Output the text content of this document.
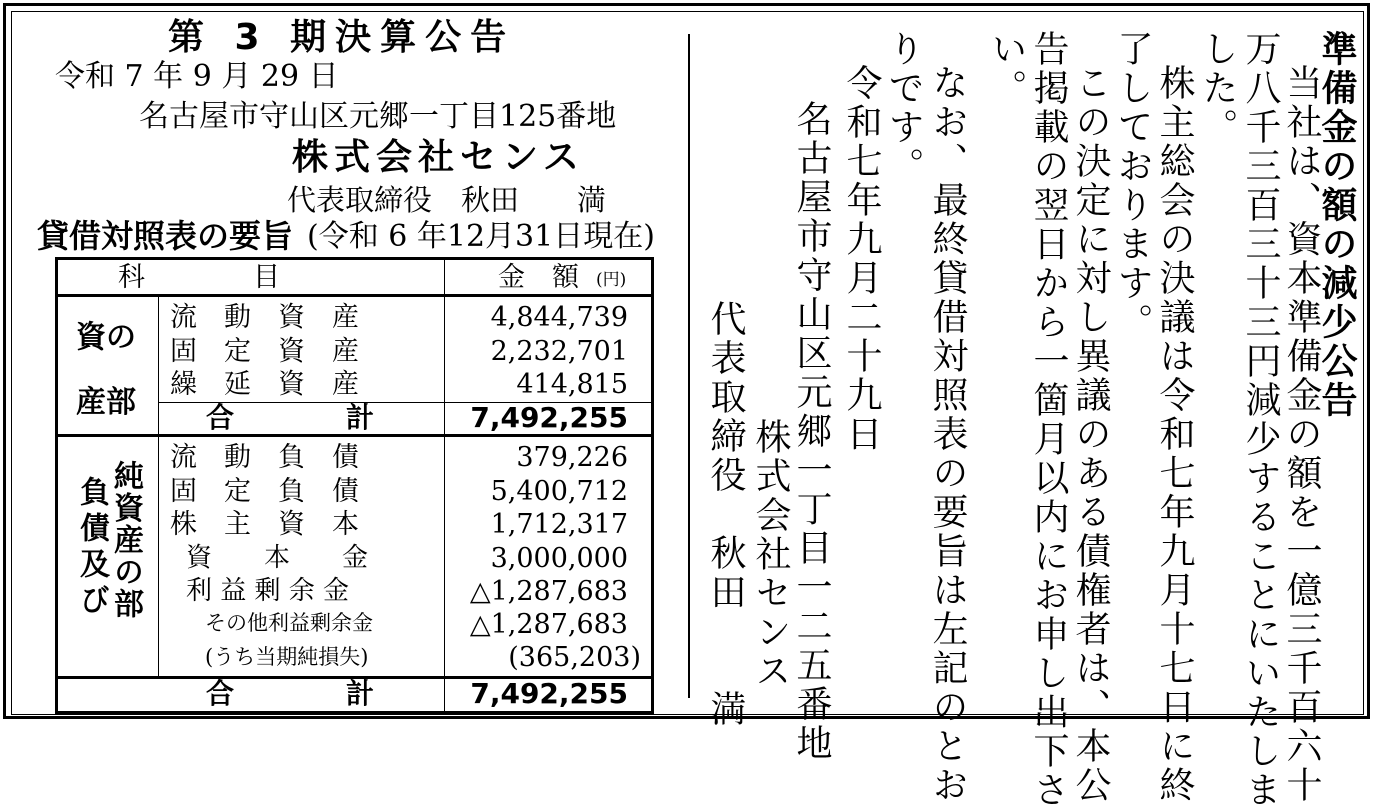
第 3 期決算公告
令和 7 年 9 月 29 日
名古屋市守山区元郷一丁目125番地
株式会社センス
代表取締役　秋田　　満
貸借対照表の要旨 (令和 6 年12月31日現在)
科　　　　目	金　額 (円)
資の
産部
流　動　資　産	4,844,739
固　定　資　産	2,232,701
繰　延　資　産	414,815
合　　　　計	7,492,255
負債及び
純資産の部
流　動　負　債	379,226
固　定　負　債	5,400,712
株　主　資　本	1,712,317
資　　本　　金	3,000,000
利 益 剰 余 金	△1,287,683
その他利益剰余金	△1,287,683
(うち当期純損失)	(365,203)
合　　　　計	7,492,255
準備金の額の減少公告
当社は、資本準備金の額を一億三千百六十
万八千三百三十三円減少することにいたしま
した。
株主総会の決議は令和七年九月十七日に終
了しております。
この決定に対し異議のある債権者は、本公
告掲載の翌日から一箇月以内にお申し出下さ
い。
なお、最終貸借対照表の要旨は左記のとお
りです。
令和七年九月二十九日
名古屋市守山区元郷一丁目一二五番地
株式会社センス
代表取締役　秋田　　満
